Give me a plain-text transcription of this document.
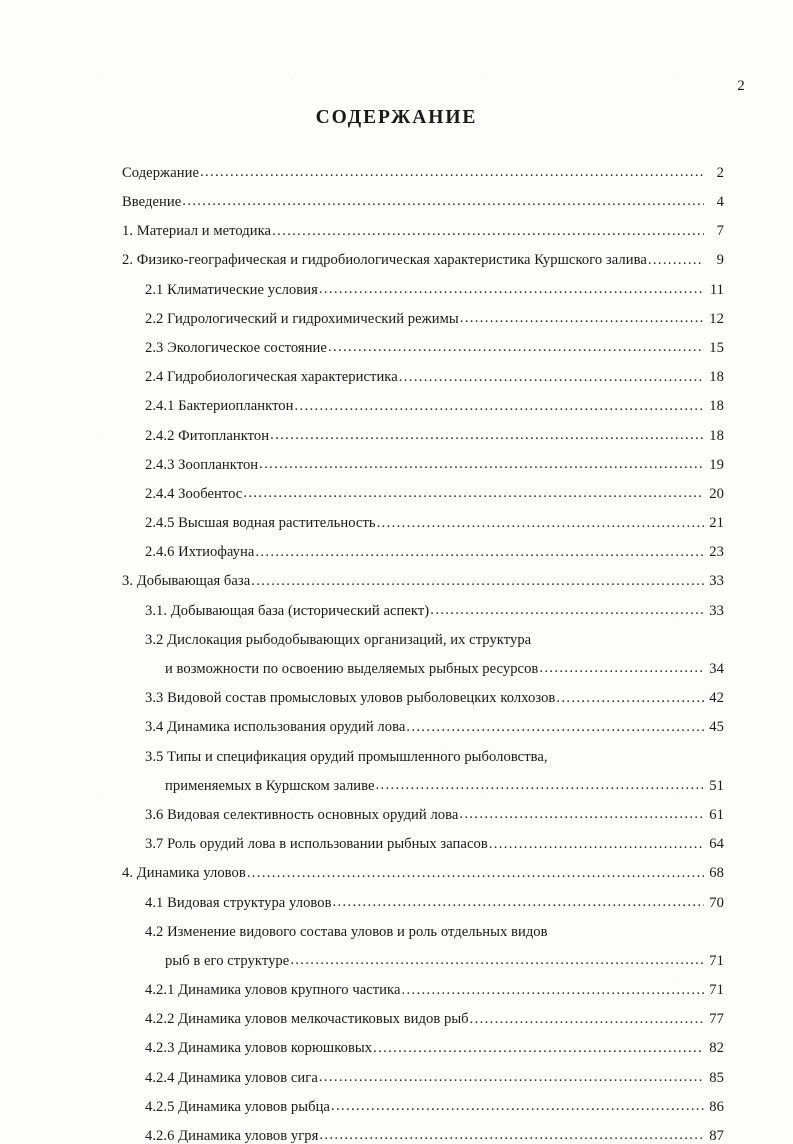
2
СОДЕРЖАНИЕ
Содержание .....	2
Введение .....	4
1. Материал и методика .....	7
2. Физико-географическая и гидробиологическая характеристика Куршского залива .....	9
2.1 Климатические условия .....	11
2.2 Гидрологический и гидрохимический режимы .....	12
2.3 Экологическое состояние .....	15
2.4 Гидробиологическая характеристика .....	18
2.4.1 Бактериопланктон .....	18
2.4.2 Фитопланктон .....	18
2.4.3 Зоопланктон .....	19
2.4.4 Зообентос .....	20
2.4.5 Высшая водная растительность .....	21
2.4.6 Ихтиофауна .....	23
3. Добывающая база .....	33
3.1. Добывающая база (исторический аспект) .....	33
3.2 Дислокация рыбодобывающих организаций, их структура
и возможности по освоению выделяемых рыбных ресурсов .....	34
3.3 Видовой состав промысловых уловов рыболовецких колхозов .....	42
3.4 Динамика использования орудий лова .....	45
3.5 Типы и спецификация орудий промышленного рыболовства,
применяемых в Куршском заливе .....	51
3.6 Видовая селективность основных орудий лова .....	61
3.7 Роль орудий лова в использовании рыбных запасов .....	64
4. Динамика уловов .....	68
4.1 Видовая структура уловов .....	70
4.2 Изменение видового состава уловов и роль отдельных видов
рыб в его структуре .....	71
4.2.1 Динамика уловов крупного частика .....	71
4.2.2 Динамика уловов мелкочастиковых видов рыб .....	77
4.2.3 Динамика уловов корюшковых .....	82
4.2.4 Динамика уловов сига .....	85
4.2.5 Динамика уловов рыбца .....	86
4.2.6 Динамика уловов угря .....	87
